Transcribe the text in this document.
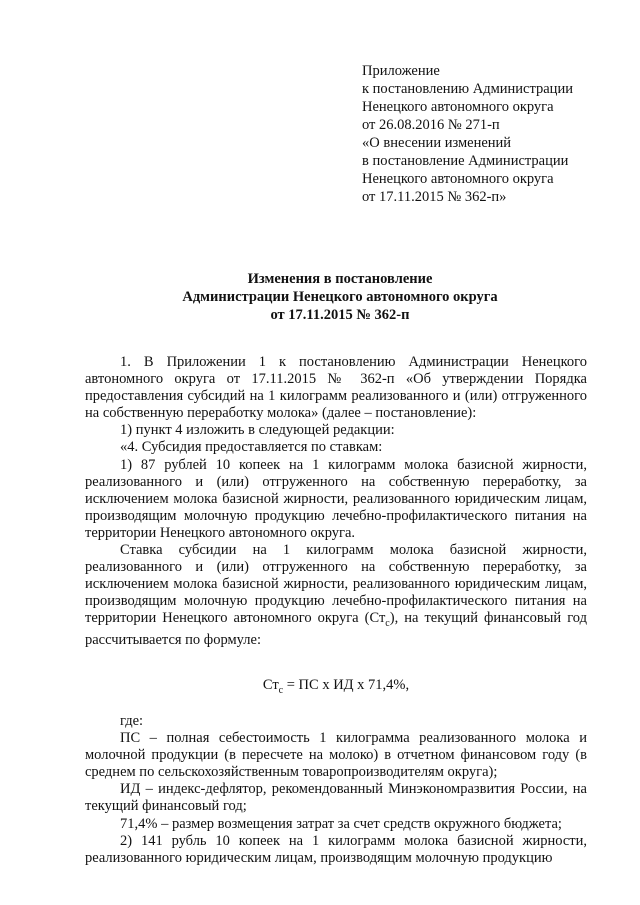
Приложение
к постановлению Администрации
Ненецкого автономного округа
от 26.08.2016 № 271-п
«О внесении изменений
в постановление Администрации
Ненецкого автономного округа
от 17.11.2015 № 362-п»
Изменения в постановление
Администрации Ненецкого автономного округа
от 17.11.2015 № 362-п

1. В Приложении 1 к постановлению Администрации Ненецкого автономного округа от 17.11.2015 № 362-п «Об утверждении Порядка предоставления субсидий на 1 килограмм реализованного и (или) отгруженного на собственную переработку молока» (далее – постановление):

1) пункт 4 изложить в следующей редакции:

«4. Субсидия предоставляется по ставкам:

1) 87 рублей 10 копеек на 1 килограмм молока базисной жирности, реализованного и (или) отгруженного на собственную переработку, за исключением молока базисной жирности, реализованного юридическим лицам, производящим молочную продукцию лечебно-профилактического питания на территории Ненецкого автономного округа.

Ставка субсидии на 1 килограмм молока базисной жирности, реализованного и (или) отгруженного на собственную переработку, за исключением молока базисной жирности, реализованного юридическим лицам, производящим молочную продукцию лечебно-профилактического питания на территории Ненецкого автономного округа $(Ст_с)$, на текущий финансовый год рассчитывается по формуле:

$Ст_с$ = ПС х ИД х 71,4%,

где:

ПС – полная себестоимость 1 килограмма реализованного молока и молочной продукции (в пересчете на молоко) в отчетном финансовом году (в среднем по сельскохозяйственным товаропроизводителям округа);

ИД – индекс-дефлятор, рекомендованный Минэкономразвития России, на текущий финансовый год;

71,4% – размер возмещения затрат за счет средств окружного бюджета;

2) 141 рубль 10 копеек на 1 килограмм молока базисной жирности, реализованного юридическим лицам, производящим молочную продукцию
